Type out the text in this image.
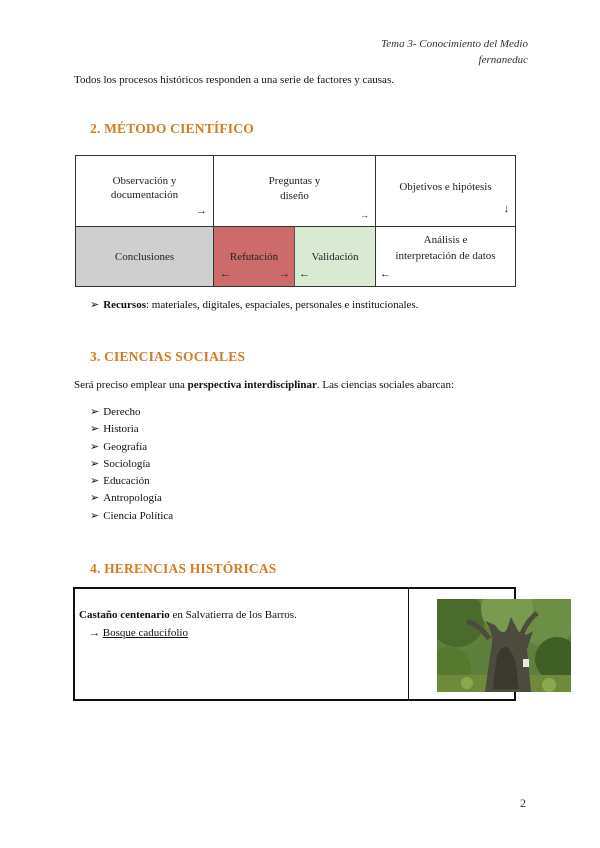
Tema 3- Conocimiento del Medio
fernaneduc
Todos los procesos históricos responden a una serie de factores y causas.
2. MÉTODO CIENTÍFICO
Observación y
documentación
→
Preguntas y
diseño
→
Objetivos e hipótesis
↓
Conclusiones	Refutación
←	→
Validación
←
Análisis e
interpretación de datos
←
➢ Recursos: materiales, digitales, espaciales, personales e institucionales.
3. CIENCIAS SOCIALES
Será preciso emplear una perspectiva interdisciplinar. Las ciencias sociales abarcan:
➢ Derecho
➢ Historia
➢ Geografía
➢ Sociología
➢ Educación
➢ Antropología
➢ Ciencia Política
4. HERENCIAS HISTÓRICAS
Castaño centenario en Salvatierra de los Barros.
→ Bosque caducifolio
2
